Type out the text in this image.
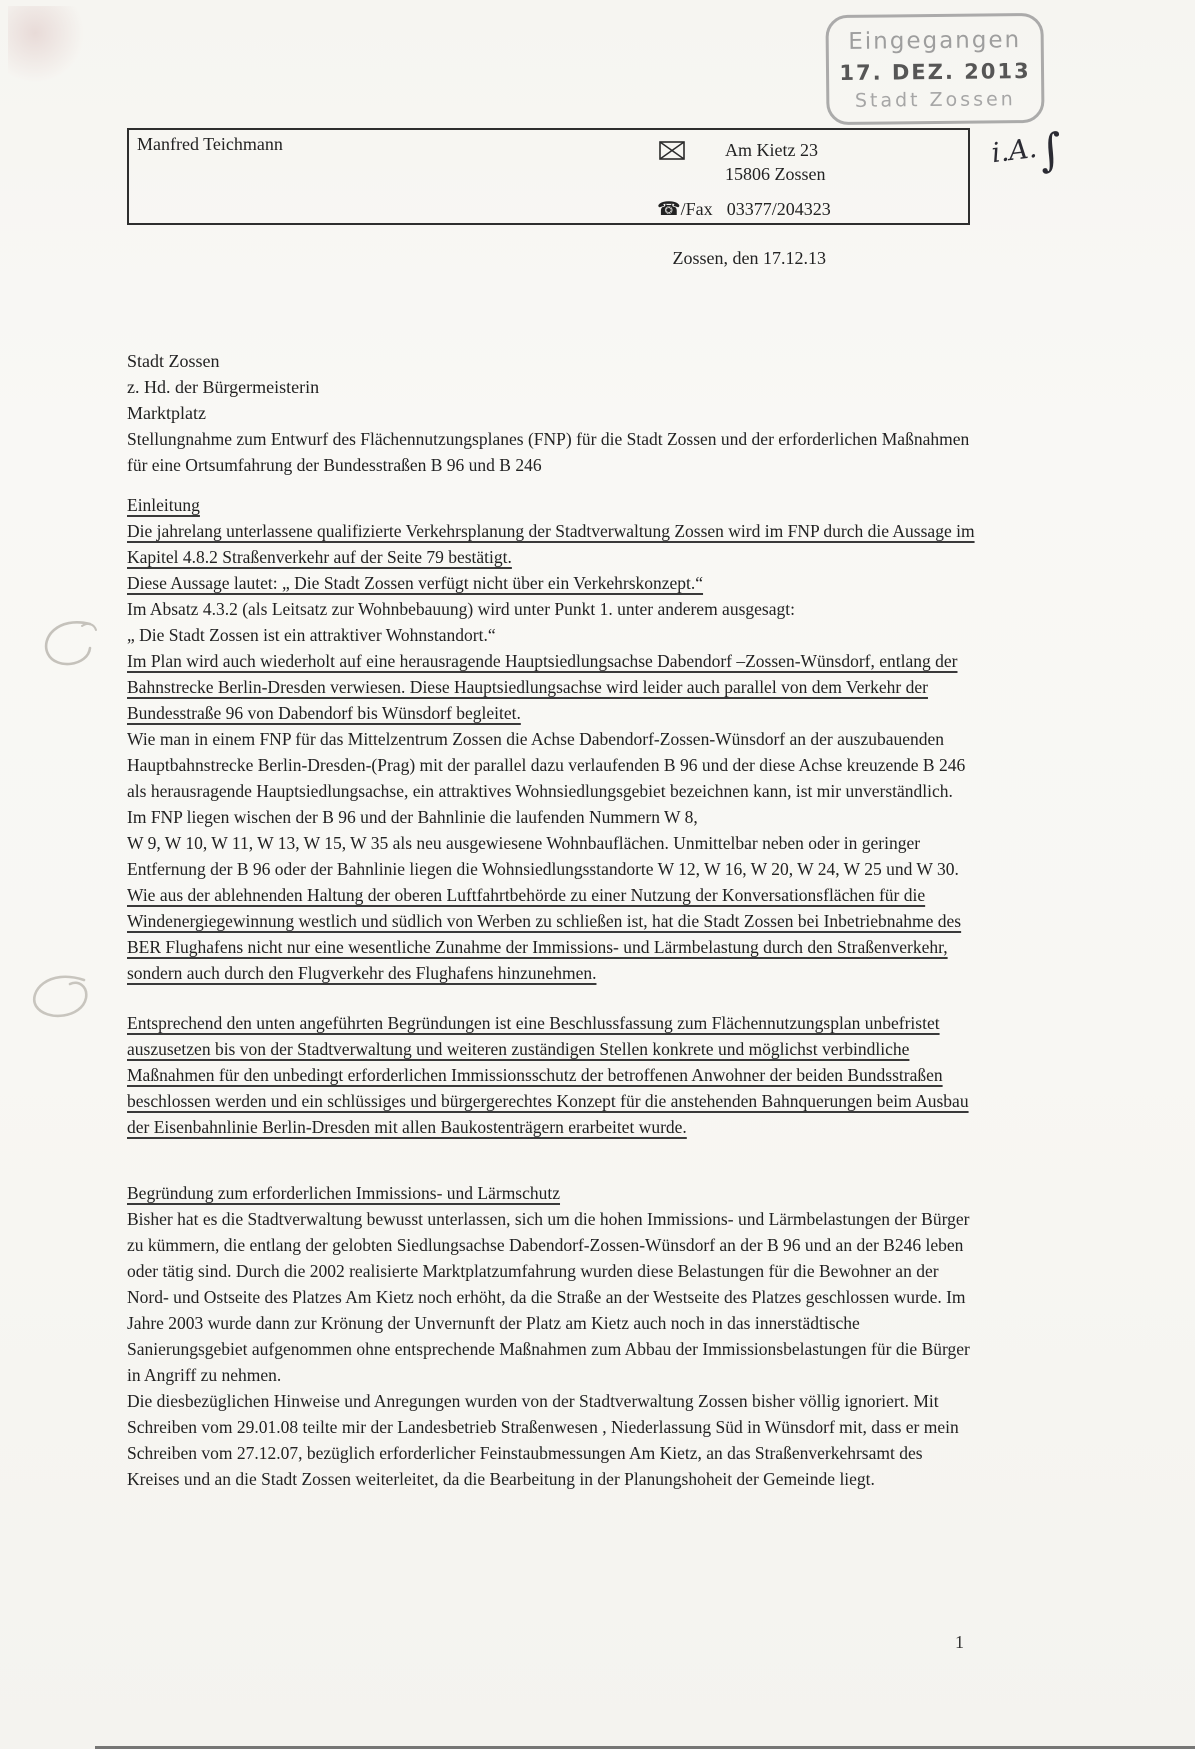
Eingegangen
17. DEZ. 2013
Stadt Zossen
i.A.∫
Manfred Teichmann	Am Kietz 23
15806 Zossen
☎/Fax 03377/204323
Zossen, den 17.12.13
Stadt Zossen
z. Hd. der Bürgermeisterin
Marktplatz

Stellungnahme zum Entwurf des Flächennutzungsplanes (FNP) für die Stadt Zossen und der erforderlichen Maßnahmen für eine Ortsumfahrung der Bundesstraßen B 96 und B 246

Einleitung

Die jahrelang unterlassene qualifizierte Verkehrsplanung der Stadtverwaltung Zossen wird im FNP durch die Aussage im Kapitel 4.8.2 Straßenverkehr auf der Seite 79 bestätigt.

Diese Aussage lautet: „ Die Stadt Zossen verfügt nicht über ein Verkehrskonzept.“

Im Absatz 4.3.2 (als Leitsatz zur Wohnbebauung) wird unter Punkt 1. unter anderem ausgesagt:

„ Die Stadt Zossen ist ein attraktiver Wohnstandort.“

Im Plan wird auch wiederholt auf eine herausragende Hauptsiedlungsachse Dabendorf –Zossen-Wünsdorf, entlang der Bahnstrecke Berlin-Dresden verwiesen. Diese Hauptsiedlungsachse wird leider auch parallel von dem Verkehr der Bundesstraße 96 von Dabendorf bis Wünsdorf begleitet.

Wie man in einem FNP für das Mittelzentrum Zossen die Achse Dabendorf-Zossen-Wünsdorf an der auszubauenden Hauptbahnstrecke Berlin-Dresden-(Prag) mit der parallel dazu verlaufenden B 96 und der diese Achse kreuzende B 246 als herausragende Hauptsiedlungsachse, ein attraktives Wohnsiedlungsgebiet bezeichnen kann, ist mir unverständlich.

Im FNP liegen wischen der B 96 und der Bahnlinie die laufenden Nummern W 8,

W 9, W 10, W 11, W 13, W 15, W 35 als neu ausgewiesene Wohnbauflächen. Unmittelbar neben oder in geringer Entfernung der B 96 oder der Bahnlinie liegen die Wohnsiedlungsstandorte W 12, W 16, W 20, W 24, W 25 und W 30.

Wie aus der ablehnenden Haltung der oberen Luftfahrtbehörde zu einer Nutzung der Konversationsflächen für die Windenergiegewinnung westlich und südlich von Werben zu schließen ist, hat die Stadt Zossen bei Inbetriebnahme des BER Flughafens nicht nur eine wesentliche Zunahme der Immissions- und Lärmbelastung durch den Straßenverkehr, sondern auch durch den Flugverkehr des Flughafens hinzunehmen.

Entsprechend den unten angeführten Begründungen ist eine Beschlussfassung zum Flächennutzungsplan unbefristet auszusetzen bis von der Stadtverwaltung und weiteren zuständigen Stellen konkrete und möglichst verbindliche Maßnahmen für den unbedingt erforderlichen Immissionsschutz der betroffenen Anwohner der beiden Bundsstraßen beschlossen werden und ein schlüssiges und bürgergerechtes Konzept für die anstehenden Bahnquerungen beim Ausbau der Eisenbahnlinie Berlin-Dresden mit allen Baukostenträgern erarbeitet wurde.

Begründung zum erforderlichen Immissions- und Lärmschutz

Bisher hat es die Stadtverwaltung bewusst unterlassen, sich um die hohen Immissions- und Lärmbelastungen der Bürger zu kümmern, die entlang der gelobten Siedlungsachse Dabendorf-Zossen-Wünsdorf an der B 96 und an der B246 leben oder tätig sind. Durch die 2002 realisierte Marktplatzumfahrung wurden diese Belastungen für die Bewohner an der Nord- und Ostseite des Platzes Am Kietz noch erhöht, da die Straße an der Westseite des Platzes geschlossen wurde. Im Jahre 2003 wurde dann zur Krönung der Unvernunft der Platz am Kietz auch noch in das innerstädtische Sanierungsgebiet aufgenommen ohne entsprechende Maßnahmen zum Abbau der Immissionsbelastungen für die Bürger in Angriff zu nehmen.

Die diesbezüglichen Hinweise und Anregungen wurden von der Stadtverwaltung Zossen bisher völlig ignoriert. Mit Schreiben vom 29.01.08 teilte mir der Landesbetrieb Straßenwesen , Niederlassung Süd in Wünsdorf mit, dass er mein Schreiben vom 27.12.07, bezüglich erforderlicher Feinstaubmessungen Am Kietz, an das Straßenverkehrsamt des Kreises und an die Stadt Zossen weiterleitet, da die Bearbeitung in der Planungshoheit der Gemeinde liegt.

1
